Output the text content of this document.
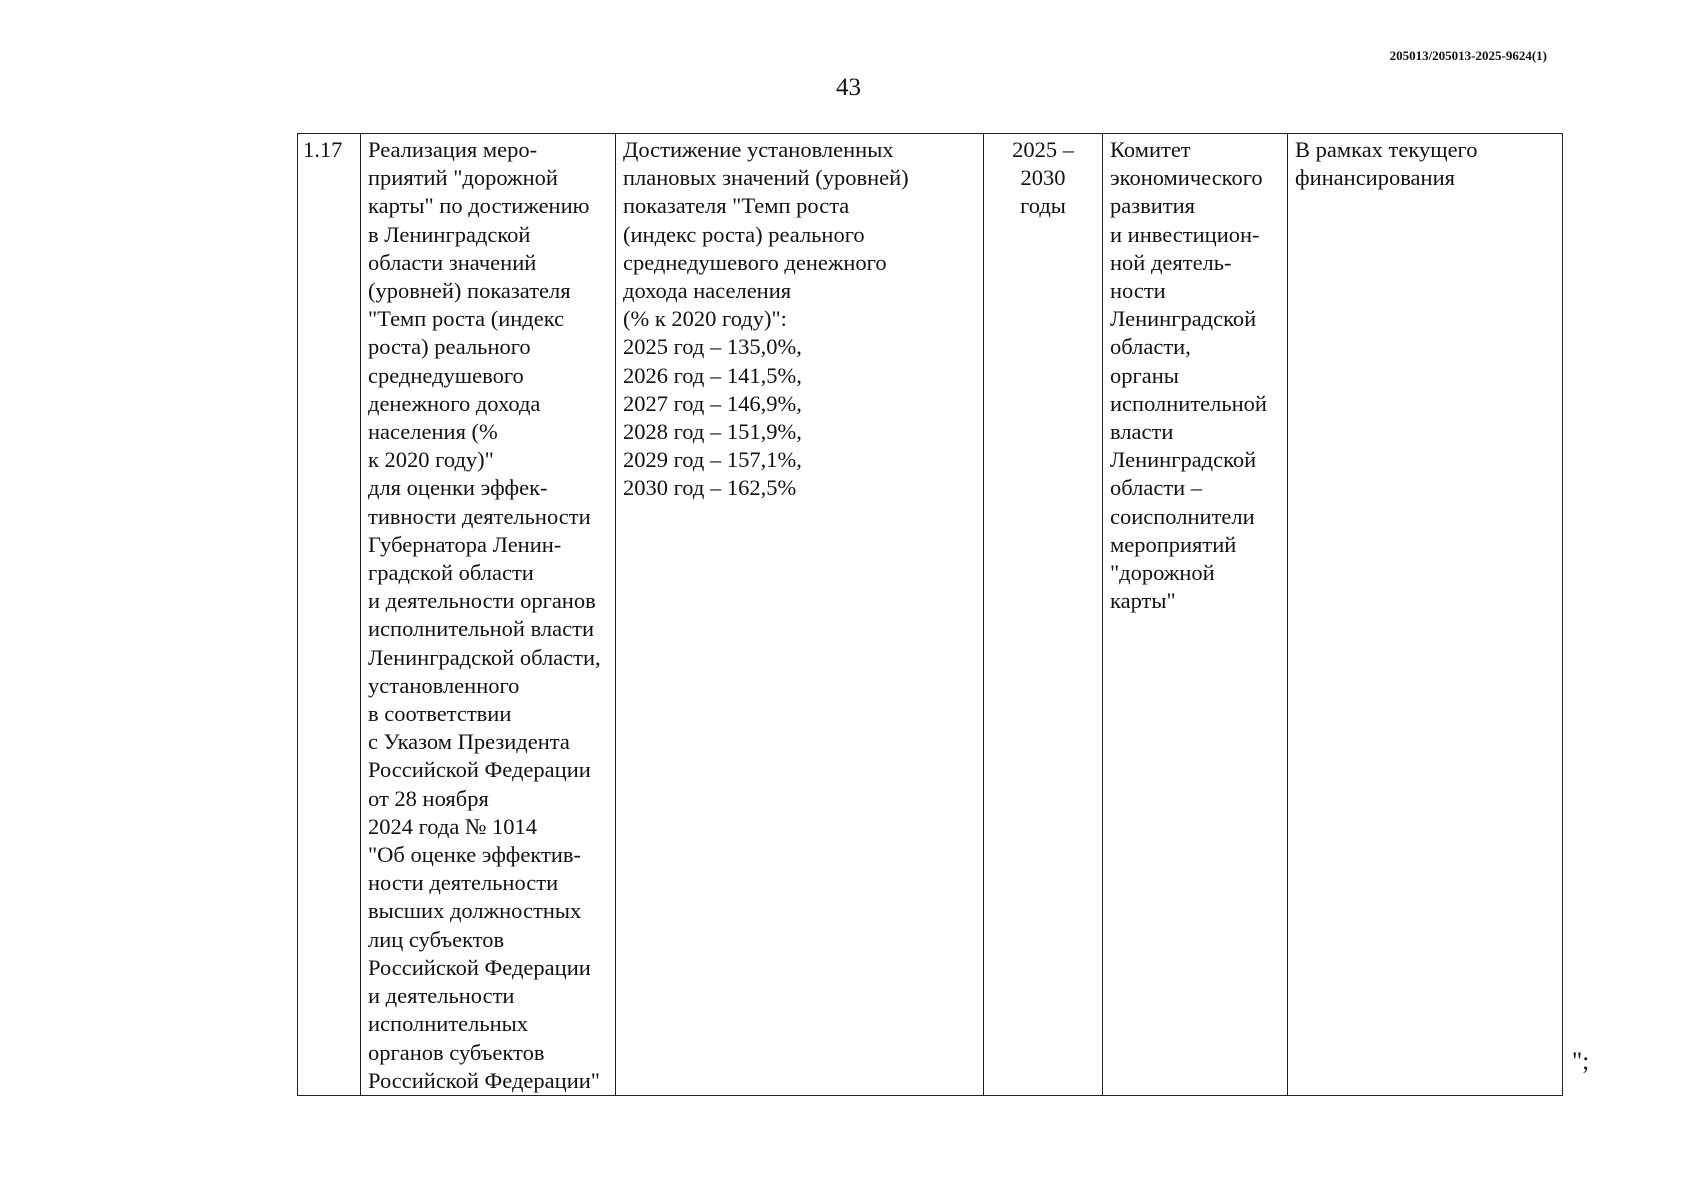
205013/205013-2025-9624(1)
43
1.17	Реализация меро-
приятий "дорожной
карты" по достижению
в Ленинградской
области значений
(уровней) показателя
"Темп роста (индекс
роста) реального
среднедушевого
денежного дохода
населения (%
к 2020 году)"
для оценки эффек-
тивности деятельности
Губернатора Ленин-
градской области
и деятельности органов
исполнительной власти
Ленинградской области,
установленного
в соответствии
с Указом Президента
Российской Федерации
от 28 ноября
2024 года № 1014
"Об оценке эффектив-
ности деятельности
высших должностных
лиц субъектов
Российской Федерации
и деятельности
исполнительных
органов субъектов
Российской Федерации"	Достижение установленных
плановых значений (уровней)
показателя "Темп роста
(индекс роста) реального
среднедушевого денежного
дохода населения
(% к 2020 году)":
2025 год – 135,0%,
2026 год – 141,5%,
2027 год – 146,9%,
2028 год – 151,9%,
2029 год – 157,1%,
2030 год – 162,5%	2025 –
2030
годы	Комитет
экономического
развития
и инвестицион-
ной деятель-
ности
Ленинградской
области,
органы
исполнительной
власти
Ленинградской
области –
соисполнители
мероприятий
"дорожной
карты"	В рамках текущего
финансирования
";
